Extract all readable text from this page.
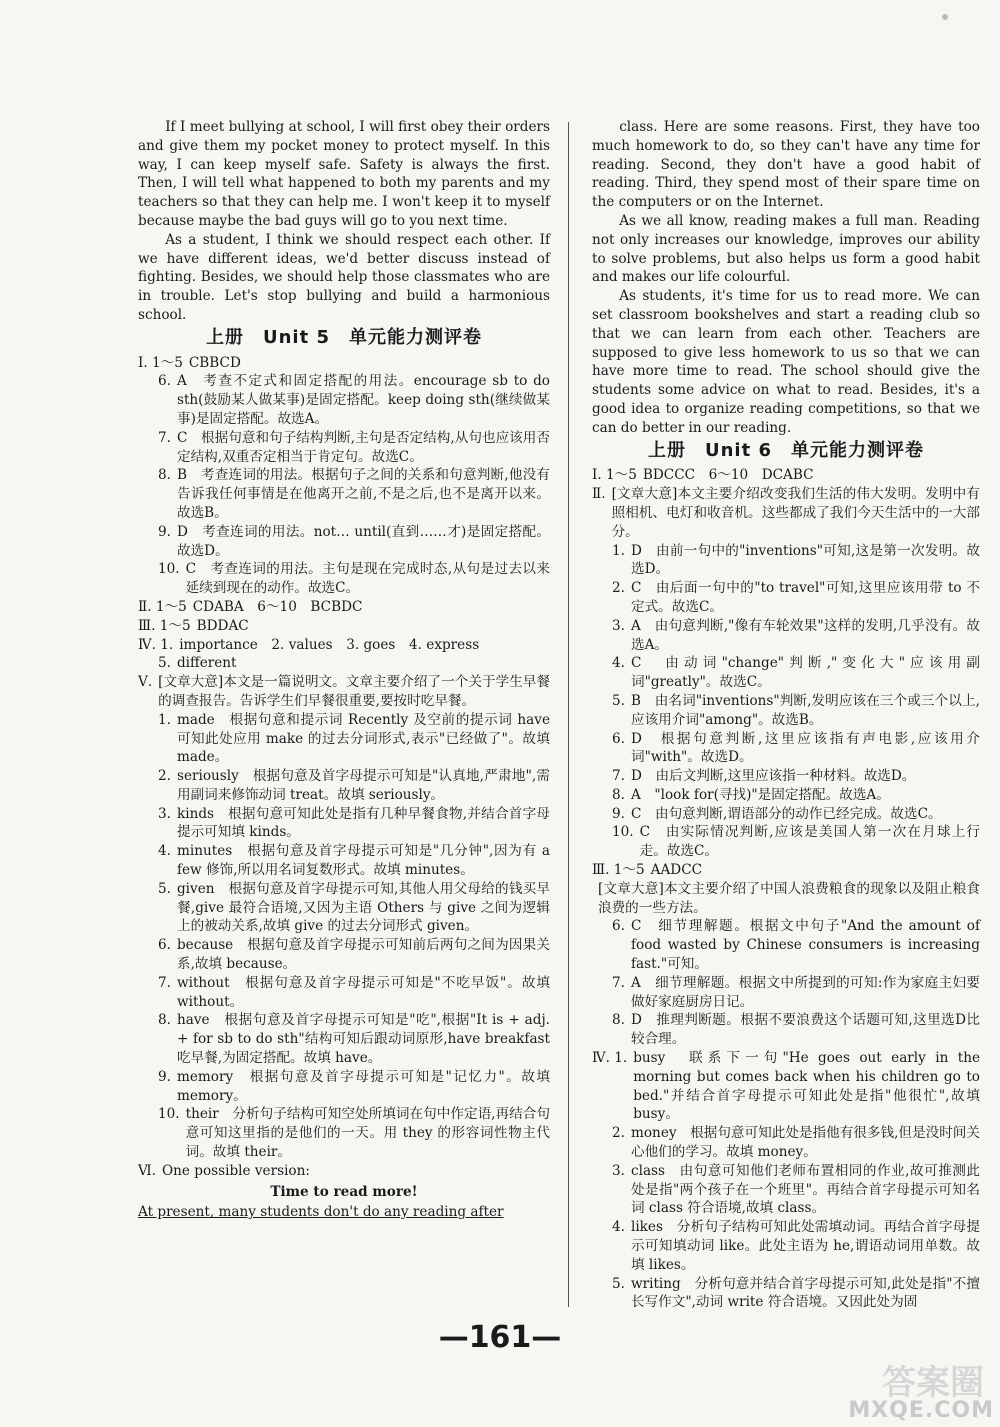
If I meet bullying at school, I will first obey their orders and give them my pocket money to protect myself. In this way, I can keep myself safe. Safety is always the first. Then, I will tell what happened to both my parents and my teachers so that they can help me. I won't keep it to myself because maybe the bad guys will go to you next time.

As a student, I think we should respect each other. If we have different ideas, we'd better discuss instead of fighting. Besides, we should help those classmates who are in trouble. Let's stop bullying and build a harmonious school.

上册　Unit 5　单元能力测评卷
Ⅰ. 1～5 CBBCD
6. A　考查不定式和固定搭配的用法。encourage sb to do sth(鼓励某人做某事)是固定搭配。keep doing sth(继续做某事)是固定搭配。故选A。
7. C　根据句意和句子结构判断,主句是否定结构,从句也应该用否定结构,双重否定相当于肯定句。故选C。
8. B　考查连词的用法。根据句子之间的关系和句意判断,他没有告诉我任何事情是在他离开之前,不是之后,也不是离开以来。故选B。
9. D　考查连词的用法。not… until(直到……才)是固定搭配。故选D。
10. C　考查连词的用法。主句是现在完成时态,从句是过去以来延续到现在的动作。故选C。
Ⅱ. 1～5 CDABA　6～10　BCBDC
Ⅲ. 1～5 BDDAC
Ⅳ. 1. importance　2. values　3. goes　4. express
5. different
Ⅴ. [文章大意]本文是一篇说明文。文章主要介绍了一个关于学生早餐的调查报告。告诉学生们早餐很重要,要按时吃早餐。
1. made　根据句意和提示词 Recently 及空前的提示词 have 可知此处应用 make 的过去分词形式,表示"已经做了"。故填 made。
2. seriously　根据句意及首字母提示可知是"认真地,严肃地",需用副词来修饰动词 treat。故填 seriously。
3. kinds　根据句意可知此处是指有几种早餐食物,并结合首字母提示可知填 kinds。
4. minutes　根据句意及首字母提示可知是"几分钟",因为有 a few 修饰,所以用名词复数形式。故填 minutes。
5. given　根据句意及首字母提示可知,其他人用父母给的钱买早餐,give 最符合语境,又因为主语 Others 与 give 之间为逻辑上的被动关系,故填 give 的过去分词形式 given。
6. because　根据句意及首字母提示可知前后两句之间为因果关系,故填 because。
7. without　根据句意及首字母提示可知是"不吃早饭"。故填 without。
8. have　根据句意及首字母提示可知是"吃",根据"It is + adj. + for sb to do sth"结构可知后跟动词原形,have breakfast 吃早餐,为固定搭配。故填 have。
9. memory　根据句意及首字母提示可知是"记忆力"。故填 memory。
10. their　分析句子结构可知空处所填词在句中作定语,再结合句意可知这里指的是他们的一天。用 they 的形容词性物主代词。故填 their。
Ⅵ. One possible version:
Time to read more!
At present, many students don't do any reading after

class. Here are some reasons. First, they have too much homework to do, so they can't have any time for reading. Second, they don't have a good habit of reading. Third, they spend most of their spare time on the computers or on the Internet.

As we all know, reading makes a full man. Reading not only increases our knowledge, improves our ability to solve problems, but also helps us form a good habit and makes our life colourful.

As students, it's time for us to read more. We can set classroom bookshelves and start a reading club so that we can learn from each other. Teachers are supposed to give less homework to us so that we can have more time to read. The school should give the students some advice on what to read. Besides, it's a good idea to organize reading competitions, so that we can do better in our reading.

上册　Unit 6　单元能力测评卷
Ⅰ. 1～5 BDCCC　6～10　DCABC
Ⅱ. [文章大意]本文主要介绍改变我们生活的伟大发明。发明中有照相机、电灯和收音机。这些都成了我们今天生活中的一大部分。
1. D　由前一句中的"inventions"可知,这是第一次发明。故选D。
2. C　由后面一句中的"to travel"可知,这里应该用带 to 不定式。故选C。
3. A　由句意判断,"像有车轮效果"这样的发明,几乎没有。故选A。
4. C　由动词"change"判断,"变化大"应该用副词"greatly"。故选C。
5. B　由名词"inventions"判断,发明应该在三个或三个以上,应该用介词"among"。故选B。
6. D　根据句意判断,这里应该指有声电影,应该用介词"with"。故选D。
7. D　由后文判断,这里应该指一种材料。故选D。
8. A　"look for(寻找)"是固定搭配。故选A。
9. C　由句意判断,谓语部分的动作已经完成。故选C。
10. C　由实际情况判断,应该是美国人第一次在月球上行走。故选C。
Ⅲ. 1～5 AADCC
[文章大意]本文主要介绍了中国人浪费粮食的现象以及阻止粮食浪费的一些方法。
6. C　细节理解题。根据文中句子"And the amount of food wasted by Chinese consumers is increasing fast."可知。
7. A　细节理解题。根据文中所提到的可知:作为家庭主妇要做好家庭厨房日记。
8. D　推理判断题。根据不要浪费这个话题可知,这里选D比较合理。
Ⅳ. 1. busy　联系下一句"He goes out early in the morning but comes back when his children go to bed."并结合首字母提示可知此处是指"他很忙",故填 busy。
2. money　根据句意可知此处是指他有很多钱,但是没时间关心他们的学习。故填 money。
3. class　由句意可知他们老师布置相同的作业,故可推测此处是指"两个孩子在一个班里"。再结合首字母提示可知名词 class 符合语境,故填 class。
4. likes　分析句子结构可知此处需填动词。再结合首字母提示可知填动词 like。此处主语为 he,谓语动词用单数。故填 likes。
5. writing　分析句意并结合首字母提示可知,此处是指"不擅长写作文",动词 write 符合语境。又因此处为固
—161—
答案圈
MXQE.COM
